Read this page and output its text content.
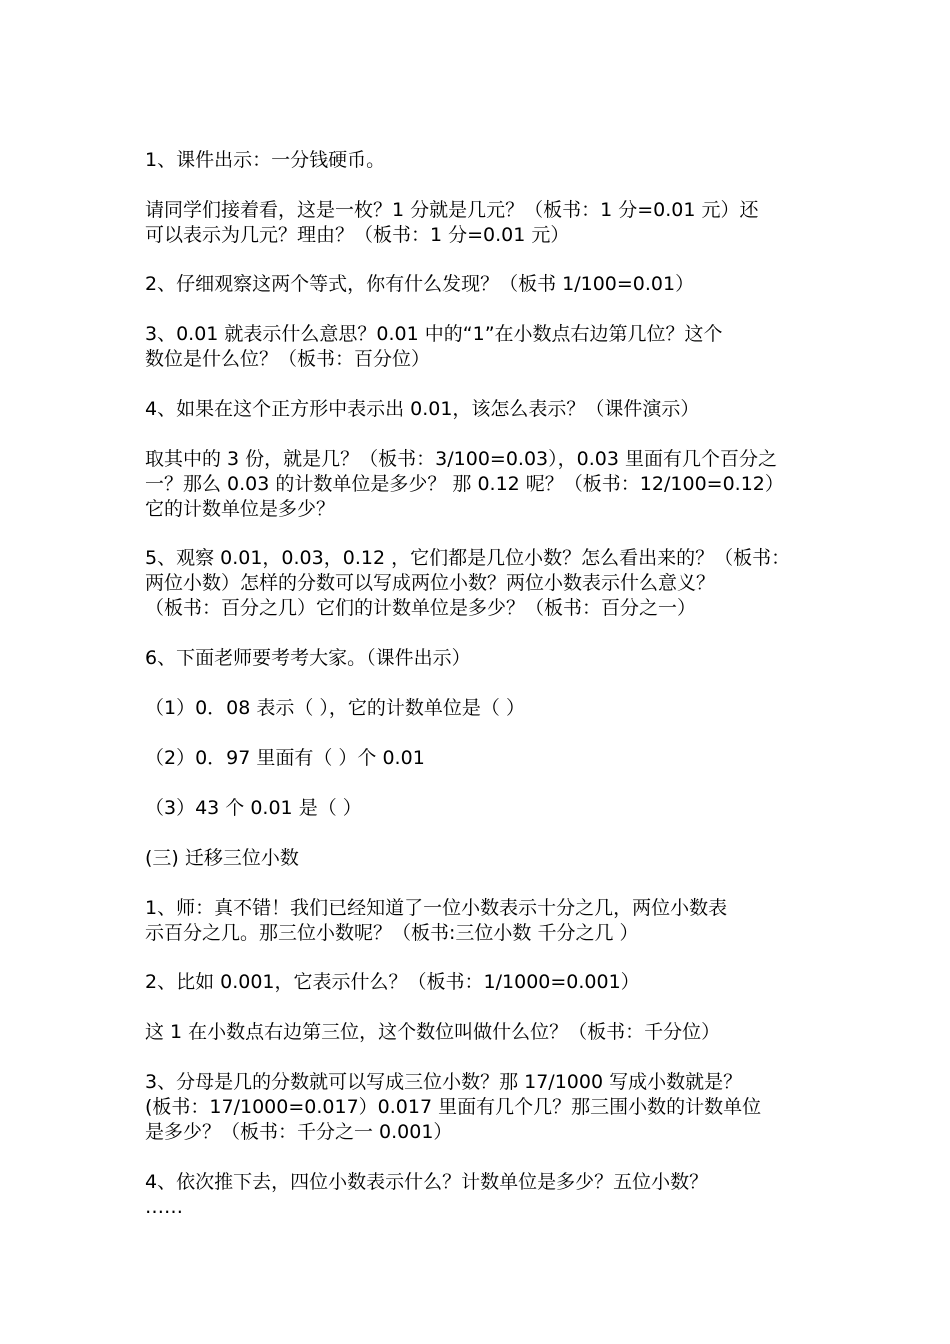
1、课件出示：一分钱硬币。
请同学们接着看，这是一枚？1 分就是几元？（板书：1 分=0.01 元）还
可以表示为几元？理由？（板书：1 分=0.01 元）
2、仔细观察这两个等式，你有什么发现？（板书 1/100=0.01）
3、0.01 就表示什么意思？0.01 中的“1”在小数点右边第几位？这个
数位是什么位？（板书：百分位）
4、如果在这个正方形中表示出 0.01，该怎么表示？（课件演示）
取其中的 3 份，就是几？（板书：3/100=0.03），0.03 里面有几个百分之
一？那么 0.03 的计数单位是多少？ 那 0.12 呢？（板书：12/100=0.12）
它的计数单位是多少？
5、观察 0.01，0.03，0.12 ，它们都是几位小数？怎么看出来的？（板书：
两位小数）怎样的分数可以写成两位小数？两位小数表示什么意义？
（板书：百分之几）它们的计数单位是多少？（板书：百分之一）
6、下面老师要考考大家。（课件出示）
（1）0．08 表示（ ），它的计数单位是（ ）
（2）0．97 里面有（ ）个 0.01
（3）43 个 0.01 是（ ）
(三) 迁移三位小数
1、师：真不错！我们已经知道了一位小数表示十分之几，两位小数表
示百分之几。那三位小数呢？（板书:三位小数 千分之几 ）
2、比如 0.001，它表示什么？（板书：1/1000=0.001）
这 1 在小数点右边第三位，这个数位叫做什么位？（板书：千分位）
3、分母是几的分数就可以写成三位小数？那 17/1000 写成小数就是？
(板书：17/1000=0.017）0.017 里面有几个几？那三围小数的计数单位
是多少？（板书：千分之一 0.001）
4、依次推下去，四位小数表示什么？计数单位是多少？五位小数？
……
